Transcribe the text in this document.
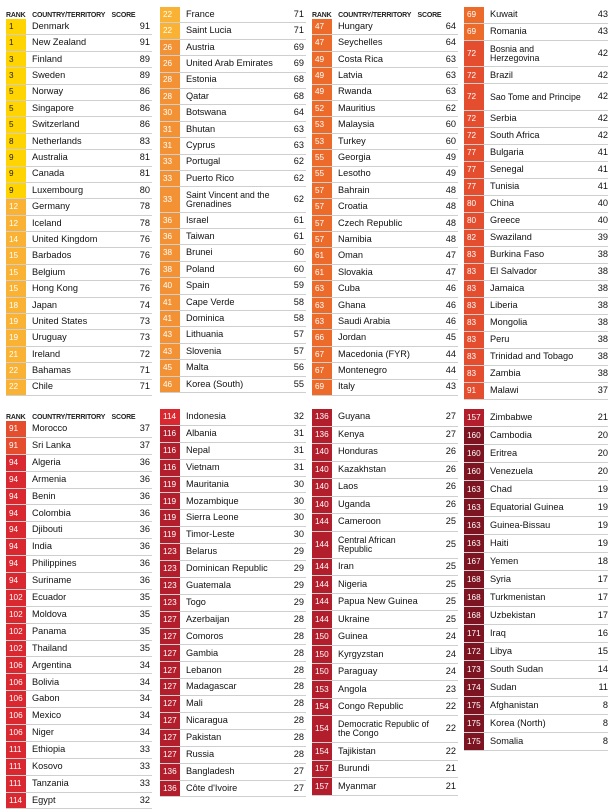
RANK COUNTRY/TERRITORY SCORE
1	Denmark	91
1	New Zealand	91
3	Finland	89
3	Sweden	89
5	Norway	86
5	Singapore	86
5	Switzerland	86
8	Netherlands	83
9	Australia	81
9	Canada	81
9	Luxembourg	80
12	Germany	78
12	Iceland	78
14	United Kingdom	76
15	Barbados	76
15	Belgium	76
15	Hong Kong	76
18	Japan	74
19	United States	73
19	Uruguay	73
21	Ireland	72
22	Bahamas	71
22	Chile	71
22	France	71
22	Saint Lucia	71
26	Austria	69
26	United Arab Emirates	69
28	Estonia	68
28	Qatar	68
30	Botswana	64
31	Bhutan	63
31	Cyprus	63
33	Portugal	62
33	Puerto Rico	62
33	Saint Vincent and the Grenadines	62
36	Israel	61
36	Taiwan	61
38	Brunei	60
38	Poland	60
40	Spain	59
41	Cape Verde	58
41	Dominica	58
43	Lithuania	57
43	Slovenia	57
45	Malta	56
46	Korea (South)	55
RANK COUNTRY/TERRITORY SCORE
47	Hungary	64
47	Seychelles	64
49	Costa Rica	63
49	Latvia	63
49	Rwanda	63
52	Mauritius	62
53	Malaysia	60
53	Turkey	60
55	Georgia	49
55	Lesotho	49
57	Bahrain	48
57	Croatia	48
57	Czech Republic	48
57	Namibia	48
61	Oman	47
61	Slovakia	47
63	Cuba	46
63	Ghana	46
63	Saudi Arabia	46
66	Jordan	45
67	Macedonia (FYR)	44
67	Montenegro	44
69	Italy	43
69	Kuwait	43
69	Romania	43
72	Bosnia and Herzegovina	42
72	Brazil	42
72	Sao Tome and Principe	42
72	Serbia	42
72	South Africa	42
77	Bulgaria	41
77	Senegal	41
77	Tunisia	41
80	China	40
80	Greece	40
82	Swaziland	39
83	Burkina Faso	38
83	El Salvador	38
83	Jamaica	38
83	Liberia	38
83	Mongolia	38
83	Peru	38
83	Trinidad and Tobago	38
83	Zambia	38
91	Malawi	37
RANK COUNTRY/TERRITORY SCORE
91	Morocco	37
91	Sri Lanka	37
94	Algeria	36
94	Armenia	36
94	Benin	36
94	Colombia	36
94	Djibouti	36
94	India	36
94	Philippines	36
94	Suriname	36
102	Ecuador	35
102	Moldova	35
102	Panama	35
102	Thailand	35
106	Argentina	34
106	Bolivia	34
106	Gabon	34
106	Mexico	34
106	Niger	34
111	Ethiopia	33
111	Kosovo	33
111	Tanzania	33
114	Egypt	32
114	Indonesia	32
116	Albania	31
116	Nepal	31
116	Vietnam	31
119	Mauritania	30
119	Mozambique	30
119	Sierra Leone	30
119	Timor-Leste	30
123	Belarus	29
123	Dominican Republic	29
123	Guatemala	29
123	Togo	29
127	Azerbaijan	28
127	Comoros	28
127	Gambia	28
127	Lebanon	28
127	Madagascar	28
127	Mali	28
127	Nicaragua	28
127	Pakistan	28
127	Russia	28
136	Bangladesh	27
136	Côte d'Ivoire	27
136	Guyana	27
136	Kenya	27
140	Honduras	26
140	Kazakhstan	26
140	Laos	26
140	Uganda	26
144	Cameroon	25
144	Central African Republic	25
144	Iran	25
144	Nigeria	25
144	Papua New Guinea	25
144	Ukraine	25
150	Guinea	24
150	Kyrgyzstan	24
150	Paraguay	24
153	Angola	23
154	Congo Republic	22
154	Democratic Republic of the Congo	22
154	Tajikistan	22
157	Burundi	21
157	Myanmar	21
157	Zimbabwe	21
160	Cambodia	20
160	Eritrea	20
160	Venezuela	20
163	Chad	19
163	Equatorial Guinea	19
163	Guinea-Bissau	19
163	Haiti	19
167	Yemen	18
168	Syria	17
168	Turkmenistan	17
168	Uzbekistan	17
171	Iraq	16
172	Libya	15
173	South Sudan	14
174	Sudan	11
175	Afghanistan	8
175	Korea (North)	8
175	Somalia	8
